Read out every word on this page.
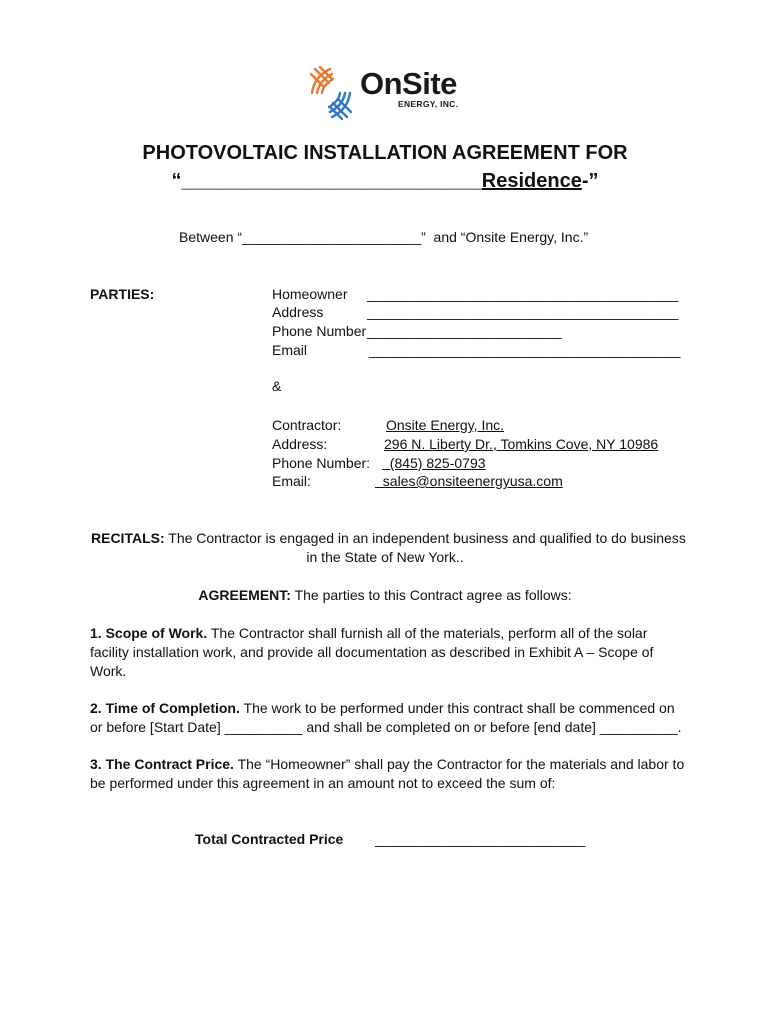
OnSite
ENERGY, INC.
PHOTOVOLTAIC INSTALLATION AGREEMENT FOR
“___________________________Residence-”
Between “_______________________”  and “Onsite Energy, Inc.”
PARTIES:	Homeowner ________________________________________
Address	________________________________________
Phone Number _________________________
Email	________________________________________
&
Contractor:	Onsite Energy, Inc.
Address:	296 N. Liberty Dr., Tomkins Cove, NY 10986
Phone Number: (845) 825-0793
Email:	sales@onsiteenergyusa.com
RECITALS: The Contractor is engaged in an independent business and qualified to do business
in the State of New York..
AGREEMENT: The parties to this Contract agree as follows:
1. Scope of Work. The Contractor shall furnish all of the materials, perform all of the solar facility installation work, and provide all documentation as described in Exhibit A – Scope of Work.
2. Time of Completion. The work to be performed under this contract shall be commenced on or before [Start Date] __________ and shall be completed on or before [end date] __________.
3. The Contract Price. The “Homeowner” shall pay the Contractor for the materials and labor to be performed under this agreement in an amount not to exceed the sum of:
Total Contracted Price ___________________________
